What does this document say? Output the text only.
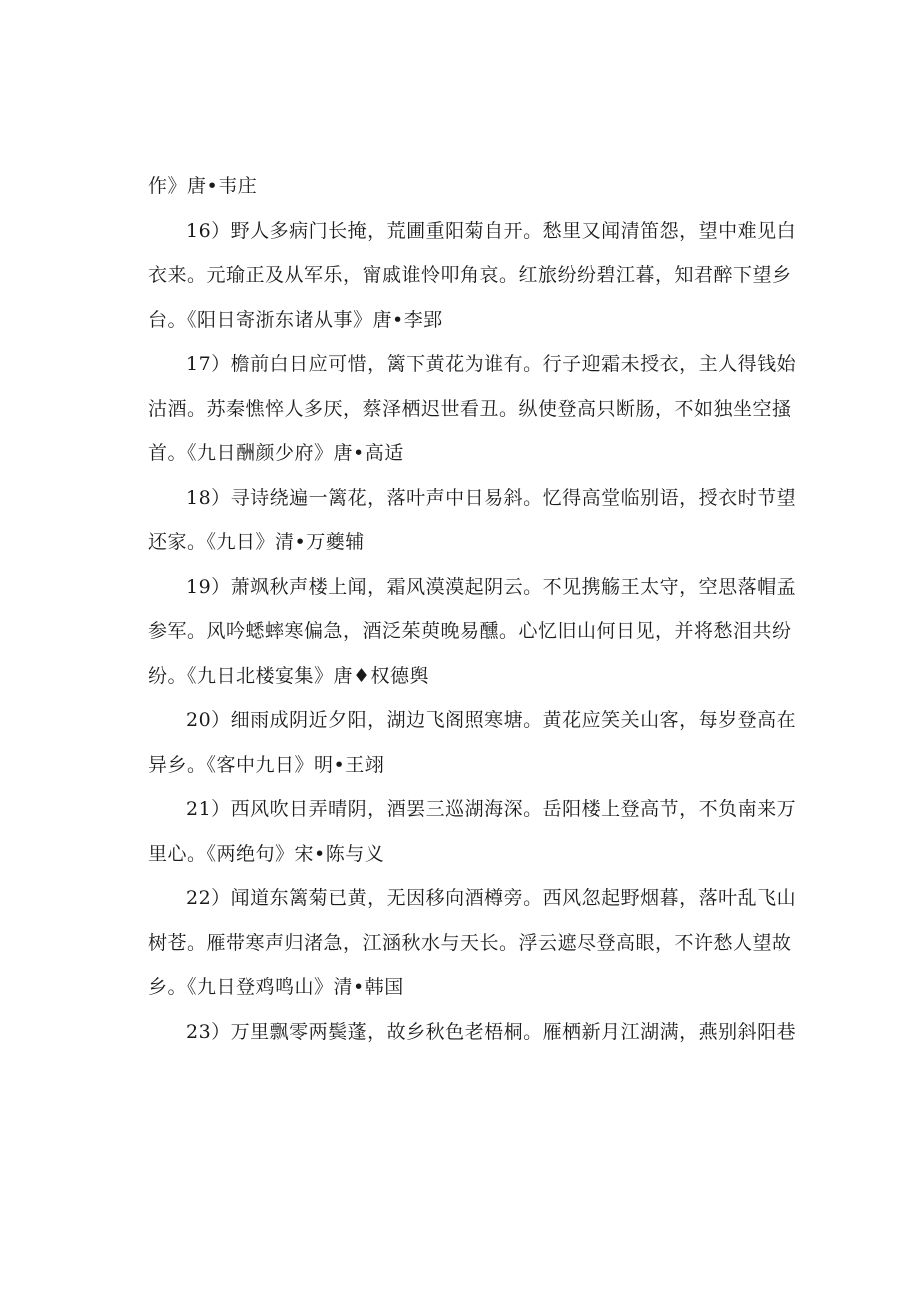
作》唐•韦庄
16）野人多病门长掩，荒圃重阳菊自开。愁里又闻清笛怨，望中难见白
衣来。元瑜正及从军乐，甯戚谁怜叩角哀。红旅纷纷碧江暮，知君醉下望乡
台。《阳日寄浙东诸从事》唐•李郢
17）檐前白日应可惜，篱下黄花为谁有。行子迎霜未授衣，主人得钱始
沽酒。苏秦憔悴人多厌，蔡泽栖迟世看丑。纵使登高只断肠，不如独坐空搔
首。《九日酬颜少府》唐•高适
18）寻诗绕遍一篱花，落叶声中日易斜。忆得高堂临别语，授衣时节望
还家。《九日》清•万夔辅
19）萧飒秋声楼上闻，霜风漠漠起阴云。不见携觞王太守，空思落帽孟
参军。风吟蟋蟀寒偏急，酒泛茱萸晚易醺。心忆旧山何日见，并将愁泪共纷
纷。《九日北楼宴集》唐♦权德舆
20）细雨成阴近夕阳，湖边飞阁照寒塘。黄花应笑关山客，每岁登高在
异乡。《客中九日》明•王翊
21）西风吹日弄晴阴，酒罢三巡湖海深。岳阳楼上登高节，不负南来万
里心。《两绝句》宋•陈与义
22）闻道东篱菊已黄，无因移向酒樽旁。西风忽起野烟暮，落叶乱飞山
树苍。雁带寒声归渚急，江涵秋水与天长。浮云遮尽登高眼，不许愁人望故
乡。《九日登鸡鸣山》清•韩国
23）万里飘零两鬓蓬，故乡秋色老梧桐。雁栖新月江湖满，燕别斜阳巷
